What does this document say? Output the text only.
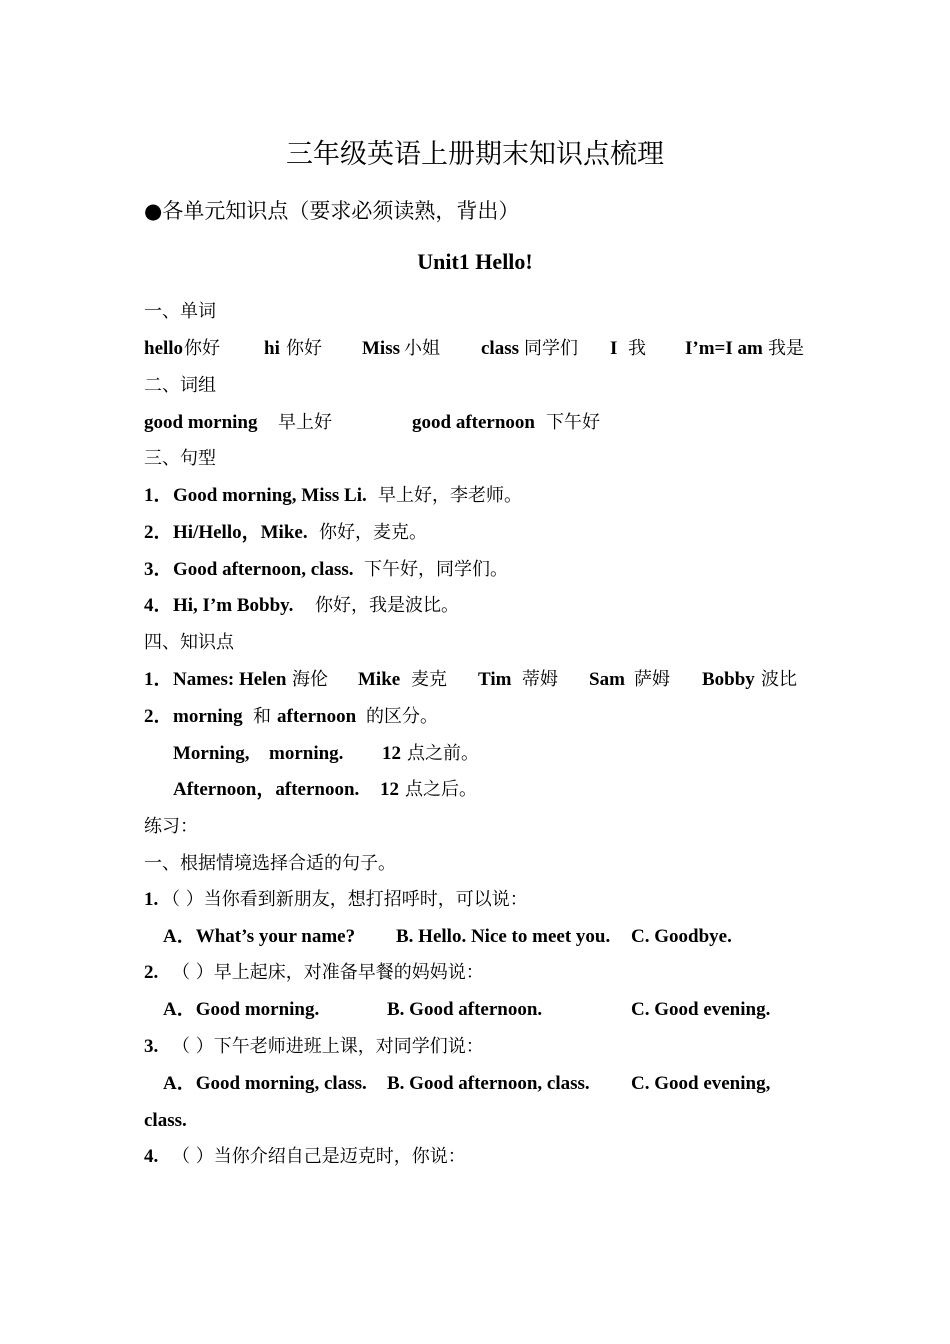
三年级英语上册期末知识点梳理
●各单元知识点（要求必须读熟，背出）
Unit1 Hello!
一、单词
hello 你好 hi 你好 Miss 小姐 class 同学们 I 我 I’m=I am 我是
二、词组
good morning 早上好	good afternoon 下午好
三、句型
1． Good morning, Miss Li. 早上好，李老师。
2． Hi/Hello，Mike. 你好，麦克。
3． Good afternoon, class. 下午好，同学们。
4． Hi, I’m Bobby. 你好，我是波比。
四、知识点
1． Names: Helen 海伦 Mike 麦克 Tim 蒂姆 Sam 萨姆 Bobby 波比
2． morning 和 afternoon 的区分。
Morning, morning. 12 点之前。
Afternoon，afternoon. 12 点之后。
练习：
一、根据情境选择合适的句子。
1. （ ）当你看到新朋友，想打招呼时，可以说：
A．What’s your name? B. Hello. Nice to meet you. C. Goodbye.
2. （ ）早上起床，对准备早餐的妈妈说：
A．Good morning.	B. Good afternoon.	C. Good evening.
3. （ ）下午老师进班上课，对同学们说：
A．Good morning, class. B. Good afternoon, class. C. Good evening,
class.
4. （ ）当你介绍自己是迈克时，你说：
